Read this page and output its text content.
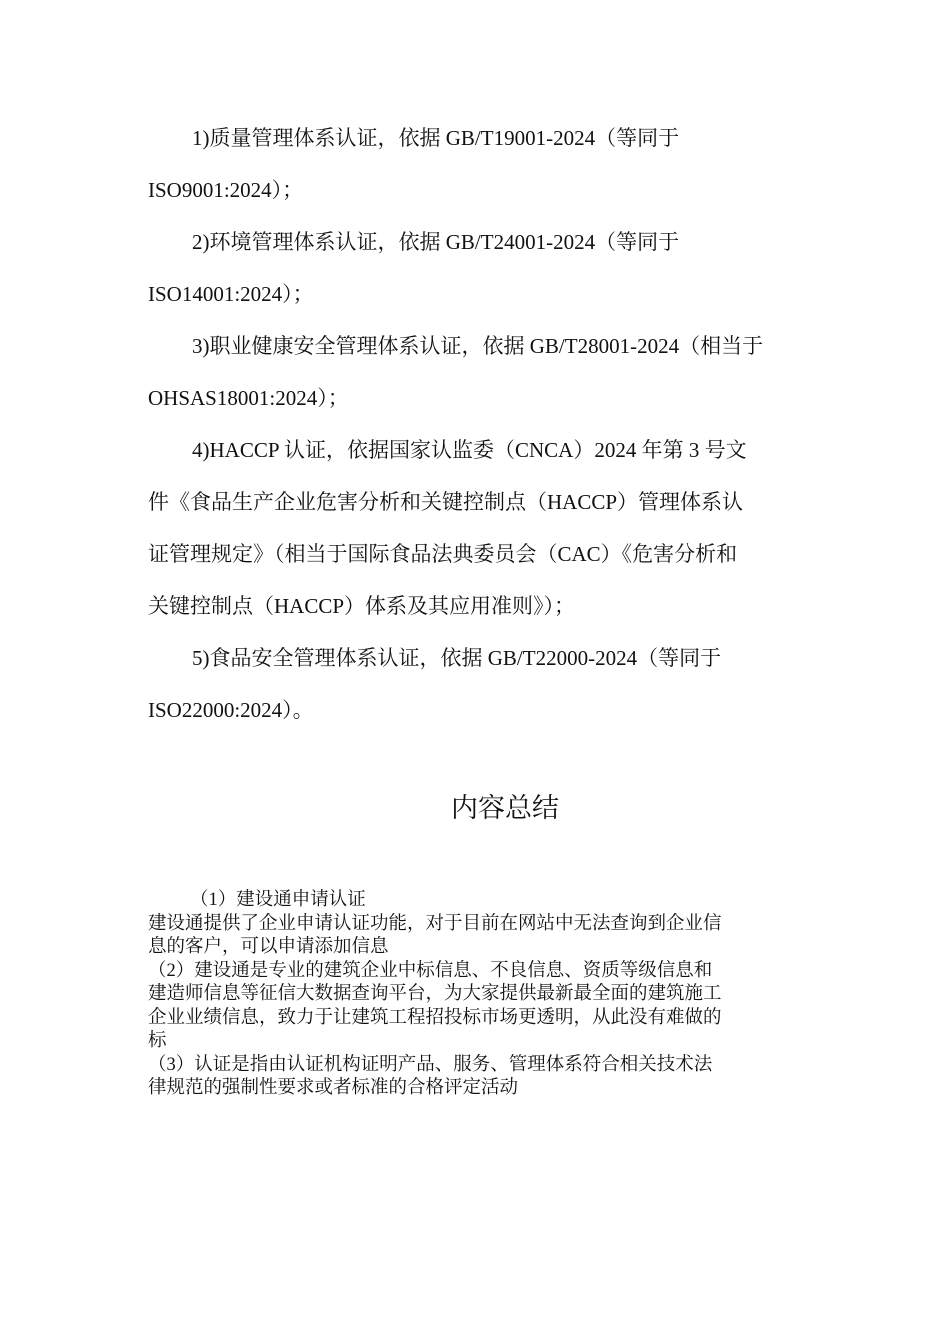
1)质量管理体系认证，依据 GB/T19001-2024（等同于

ISO9001:2024）；

2)环境管理体系认证，依据 GB/T24001-2024（等同于

ISO14001:2024）；

3)职业健康安全管理体系认证，依据 GB/T28001-2024（相当于

OHSAS18001:2024）；

4)HACCP 认证，依据国家认监委（CNCA）2024 年第 3 号文

件《食品生产企业危害分析和关键控制点（HACCP）管理体系认

证管理规定》（相当于国际食品法典委员会（CAC）《危害分析和

关键控制点（HACCP）体系及其应用准则》）；

5)食品安全管理体系认证，依据 GB/T22000-2024（等同于

ISO22000:2024）。

内容总结

（1）建设通申请认证

建设通提供了企业申请认证功能，对于目前在网站中无法查询到企业信

息的客户，可以申请添加信息

（2）建设通是专业的建筑企业中标信息、不良信息、资质等级信息和

建造师信息等征信大数据查询平台，为大家提供最新最全面的建筑施工

企业业绩信息，致力于让建筑工程招投标市场更透明，从此没有难做的

标

（3）认证是指由认证机构证明产品、服务、管理体系符合相关技术法

律规范的强制性要求或者标准的合格评定活动
